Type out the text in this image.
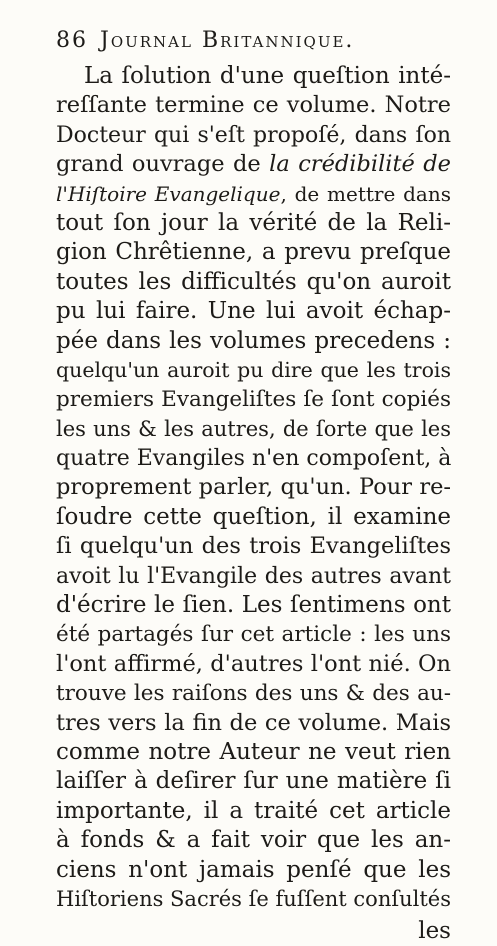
86 Journal Britannique.
La ſolution d'une queſtion inté-
reſſante termine ce volume. Notre
Docteur qui s'eſt propoſé, dans ſon
grand ouvrage de la crédibilité de
l'Hiſtoire Evangelique, de mettre dans
tout ſon jour la vérité de la Reli-
gion Chrêtienne, a prevu preſque
toutes les difficultés qu'on auroit
pu lui faire. Une lui avoit échap-
pée dans les volumes precedens :
quelqu'un auroit pu dire que les trois
premiers Evangeliſtes ſe ſont copiés
les uns & les autres, de ſorte que les
quatre Evangiles n'en compoſent, à
proprement parler, qu'un. Pour re-
ſoudre cette queſtion, il examine
ſi quelqu'un des trois Evangeliſtes
avoit lu l'Evangile des autres avant
d'écrire le ſien. Les ſentimens ont
été partagés ſur cet article : les uns
l'ont affirmé, d'autres l'ont nié. On
trouve les raiſons des uns & des au-
tres vers la fin de ce volume. Mais
comme notre Auteur ne veut rien
laiſſer à deſirer ſur une matière ſi
importante, il a traité cet article
à fonds & a fait voir que les an-
ciens n'ont jamais penſé que les
Hiſtoriens Sacrés ſe fuſſent conſultés
les
